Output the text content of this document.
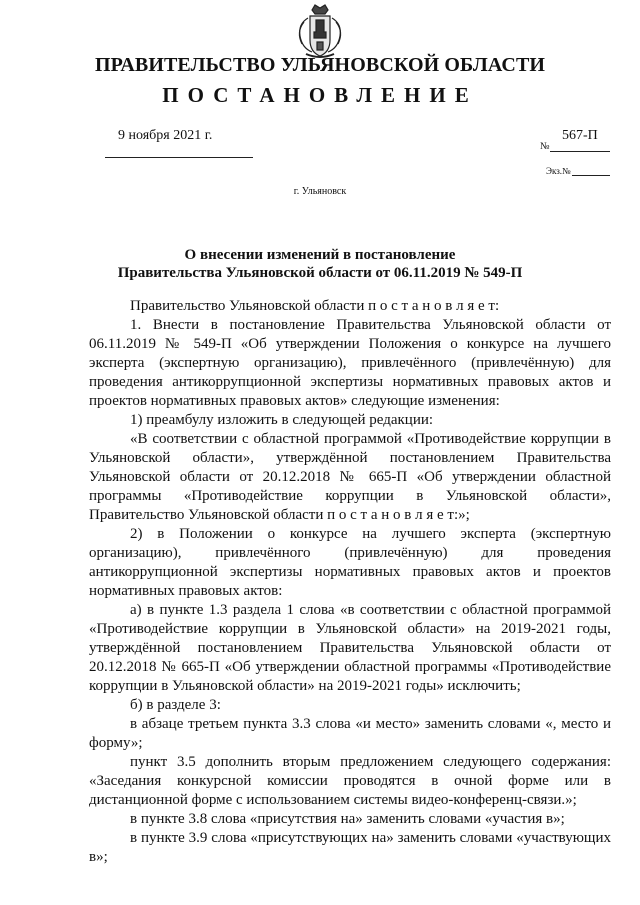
ПРАВИТЕЛЬСТВО УЛЬЯНОВСКОЙ ОБЛАСТИ
ПОСТАНОВЛЕНИЕ
9 ноября 2021 г.
№
567-П
Экз.№
г. Ульяновск
О внесении изменений в постановление
Правительства Ульяновской области от 06.11.2019 № 549-П

Правительство Ульяновской области п о с т а н о в л я е т:

1. Внести в постановление Правительства Ульяновской области от 06.11.2019 № 549-П «Об утверждении Положения о конкурсе на лучшего эксперта (экспертную организацию), привлечённого (привлечённую) для проведения антикоррупционной экспертизы нормативных правовых актов и проектов нормативных правовых актов» следующие изменения:

1) преамбулу изложить в следующей редакции:

«В соответствии с областной программой «Противодействие коррупции в Ульяновской области», утверждённой постановлением Правительства Ульяновской области от 20.12.2018 № 665-П «Об утверждении областной программы «Противодействие коррупции в Ульяновской области», Правительство Ульяновской области п о с т а н о в л я е т:»;

2) в Положении о конкурсе на лучшего эксперта (экспертную организацию), привлечённого (привлечённую) для проведения антикоррупционной экспертизы нормативных правовых актов и проектов нормативных правовых актов:

а) в пункте 1.3 раздела 1 слова «в соответствии с областной программой «Противодействие коррупции в Ульяновской области» на 2019-2021 годы, утверждённой постановлением Правительства Ульяновской области от 20.12.2018 № 665-П «Об утверждении областной программы «Противодействие коррупции в Ульяновской области» на 2019-2021 годы» исключить;

б) в разделе 3:

в абзаце третьем пункта 3.3 слова «и место» заменить словами «, место и форму»;

пункт 3.5 дополнить вторым предложением следующего содержания: «Заседания конкурсной комиссии проводятся в очной форме или в дистанционной форме с использованием системы видео-конференц-связи.»;

в пункте 3.8 слова «присутствия на» заменить словами «участия в»;

в пункте 3.9 слова «присутствующих на» заменить словами «участвующих в»;
